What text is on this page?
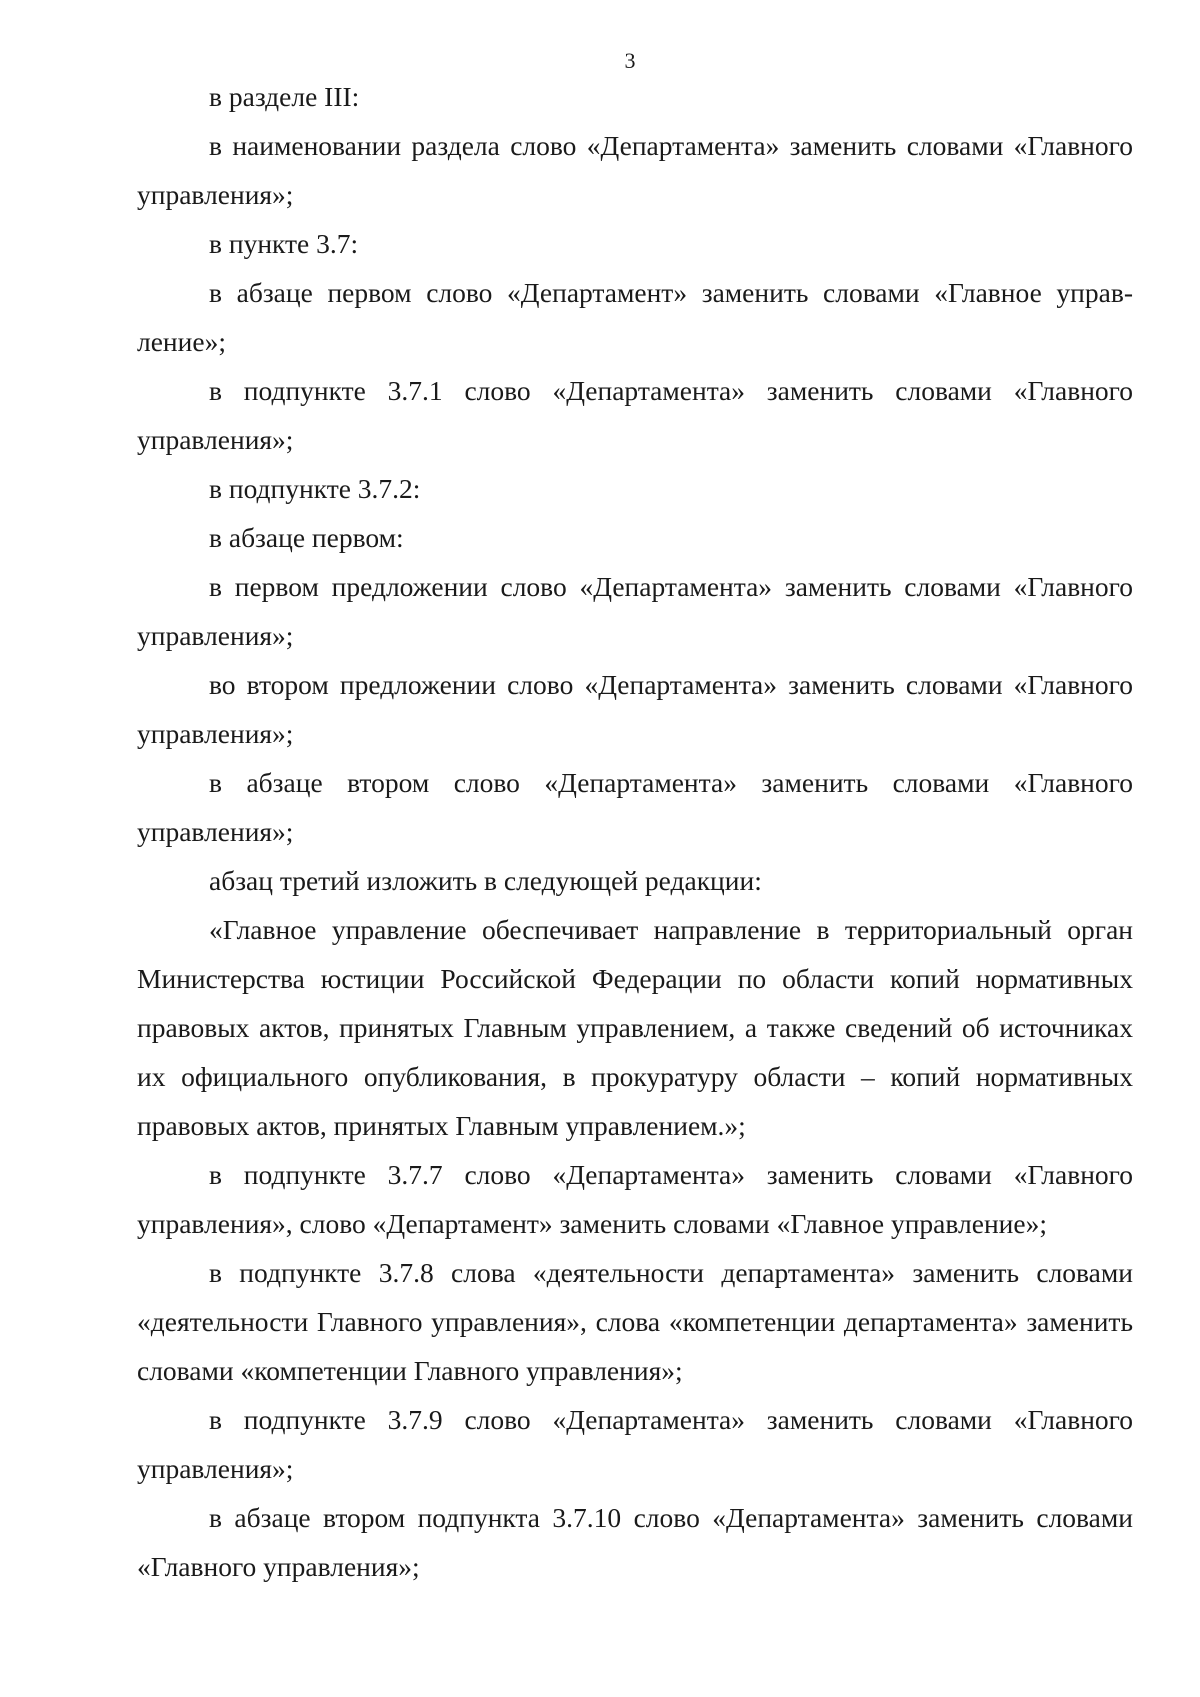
3

в разделе III:

в наименовании раздела слово «Департамента» заменить словами «Главного управления»;

в пункте 3.7:

в абзаце первом слово «Департамент» заменить словами «Главное управление»;

в подпункте 3.7.1 слово «Департамента» заменить словами «Главного управления»;

в подпункте 3.7.2:

в абзаце первом:

в первом предложении слово «Департамента» заменить словами «Главного управления»;

во втором предложении слово «Департамента» заменить словами «Главного управления»;

в абзаце втором слово «Департамента» заменить словами «Главного управления»;

абзац третий изложить в следующей редакции:

«Главное управление обеспечивает направление в территориальный орган Министерства юстиции Российской Федерации по области копий нормативных правовых актов, принятых Главным управлением, а также сведений об источниках их официального опубликования, в прокуратуру области – копий нормативных правовых актов, принятых Главным управлением.»;

в подпункте 3.7.7 слово «Департамента» заменить словами «Главного управления», слово «Департамент» заменить словами «Главное управление»;

в подпункте 3.7.8 слова «деятельности департамента» заменить словами «деятельности Главного управления», слова «компетенции департамента» заменить словами «компетенции Главного управления»;

в подпункте 3.7.9 слово «Департамента» заменить словами «Главного управления»;

в абзаце втором подпункта 3.7.10 слово «Департамента» заменить словами «Главного управления»;
